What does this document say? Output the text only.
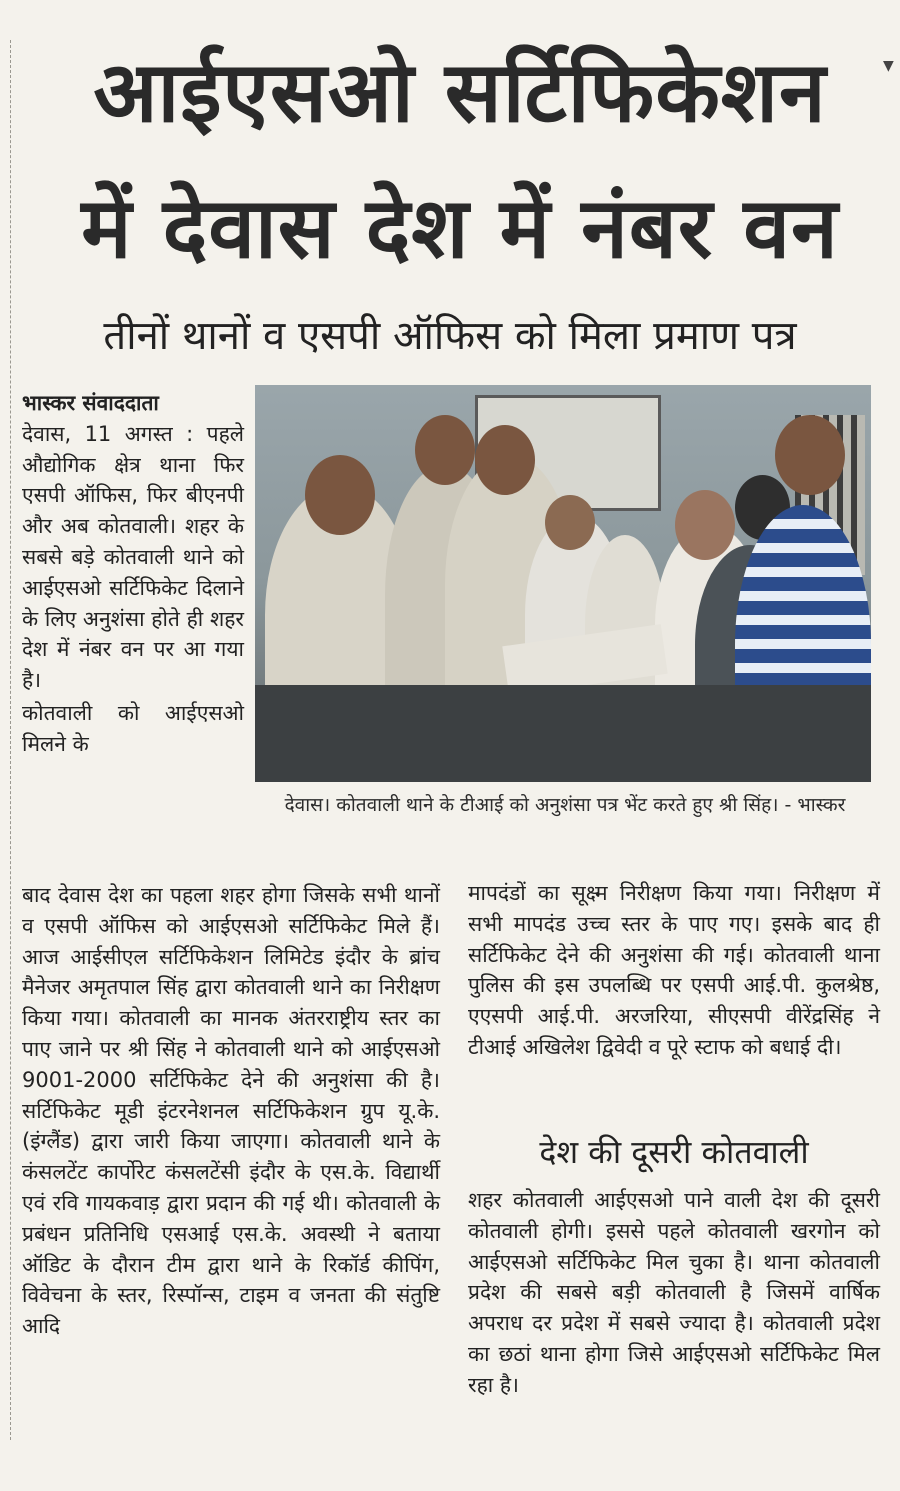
आईएसओ सर्टिफिकेशन
में देवास देश में नंबर वन
तीनों थानों व एसपी ऑफिस को मिला प्रमाण पत्र
भास्कर संवाददाता
देवास, 11 अगस्त : पहले औद्योगिक क्षेत्र थाना फिर एसपी ऑफिस, फिर बीएनपी और अब कोतवाली। शहर के सबसे बड़े कोतवाली थाने को आईएसओ सर्टिफिकेट दिलाने के लिए अनुशंसा होते ही शहर देश में नंबर वन पर आ गया है।
कोतवाली को आईएसओ मिलने के
देवास। कोतवाली थाने के टीआई को अनुशंसा पत्र भेंट करते हुए श्री सिंह। - भास्कर
बाद देवास देश का पहला शहर होगा जिसके सभी थानों व एसपी ऑफिस को आईएसओ सर्टिफिकेट मिले हैं। आज आईसीएल सर्टिफिकेशन लिमिटेड इंदौर के ब्रांच मैनेजर अमृतपाल सिंह द्वारा कोतवाली थाने का निरीक्षण किया गया। कोतवाली का मानक अंतरराष्ट्रीय स्तर का पाए जाने पर श्री सिंह ने कोतवाली थाने को आईएसओ 9001-2000 सर्टिफिकेट देने की अनुशंसा की है। सर्टिफिकेट मूडी इंटरनेशनल सर्टिफिकेशन ग्रुप यू.के. (इंग्लैंड) द्वारा जारी किया जाएगा। कोतवाली थाने के कंसलटेंट कार्पोरेट कंसलटेंसी इंदौर के एस.के. विद्यार्थी एवं रवि गायकवाड़ द्वारा प्रदान की गई थी। कोतवाली के प्रबंधन प्रतिनिधि एसआई एस.के. अवस्थी ने बताया ऑडिट के दौरान टीम द्वारा थाने के रिकॉर्ड कीपिंग, विवेचना के स्तर, रिस्पॉन्स, टाइम व जनता की संतुष्टि आदि
मापदंडों का सूक्ष्म निरीक्षण किया गया। निरीक्षण में सभी मापदंड उच्च स्तर के पाए गए। इसके बाद ही सर्टिफिकेट देने की अनुशंसा की गई। कोतवाली थाना पुलिस की इस उपलब्धि पर एसपी आई.पी. कुलश्रेष्ठ, एएसपी आई.पी. अरजरिया, सीएसपी वीरेंद्रसिंह ने टीआई अखिलेश द्विवेदी व पूरे स्टाफ को बधाई दी।
देश की दूसरी कोतवाली
शहर कोतवाली आईएसओ पाने वाली देश की दूसरी कोतवाली होगी। इससे पहले कोतवाली खरगोन को आईएसओ सर्टिफिकेट मिल चुका है। थाना कोतवाली प्रदेश की सबसे बड़ी कोतवाली है जिसमें वार्षिक अपराध दर प्रदेश में सबसे ज्यादा है। कोतवाली प्रदेश का छठां थाना होगा जिसे आईएसओ सर्टिफिकेट मिल रहा है।
▼
